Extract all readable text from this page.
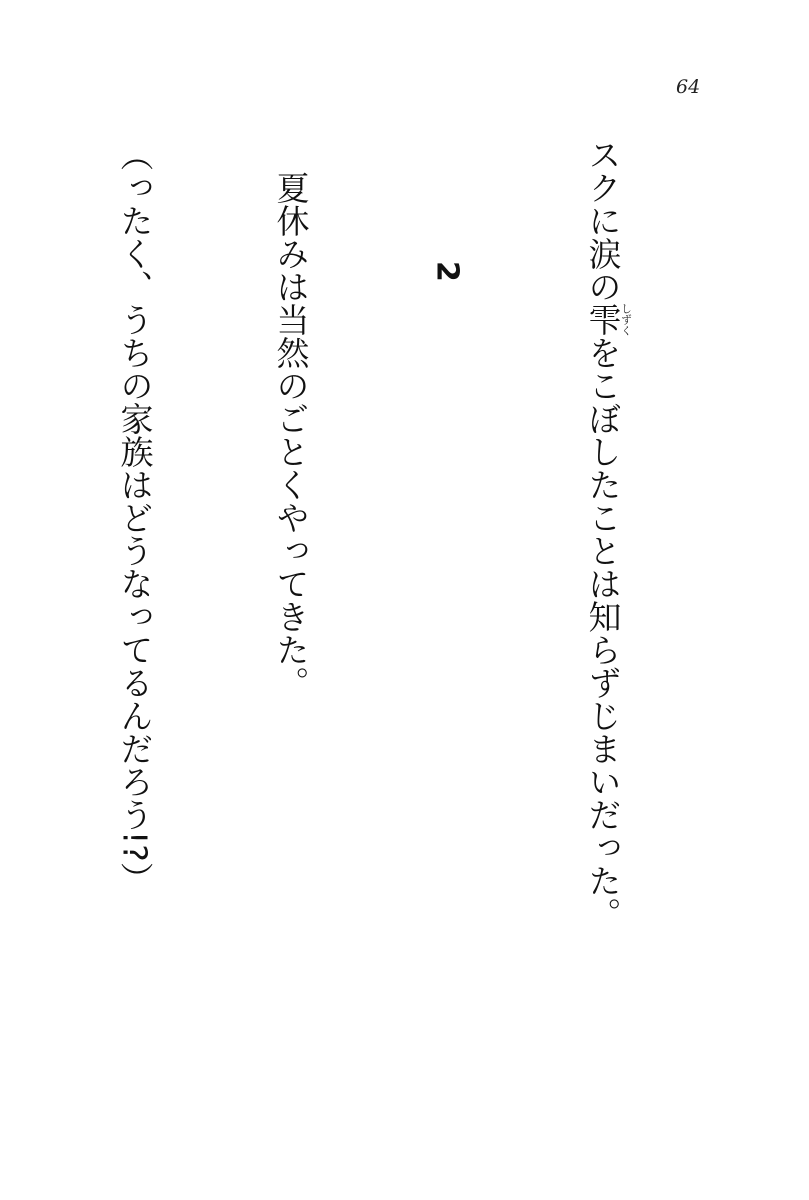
64

スクに涙の雫しずくをこぼしたことは知らずじまいだった。

2

夏休みは当然のごとくやってきた。

（ったく、うちの家族はどうなってるんだろう!?）
